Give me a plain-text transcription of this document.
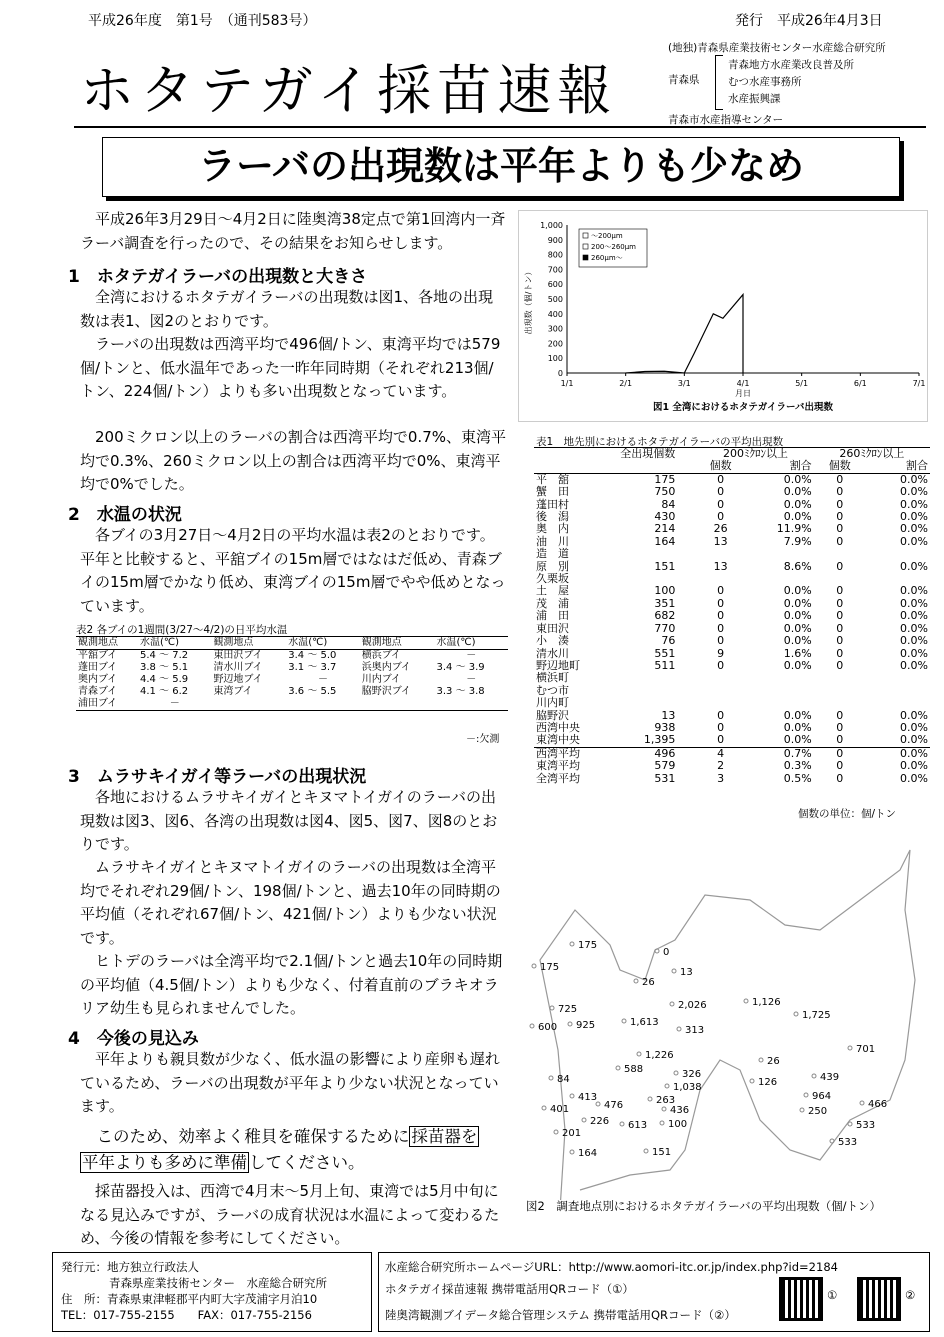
平成26年度　第1号　（通刊583号）	発行　平成26年4月3日
ホタテガイ採苗速報
(地独)青森県産業技術センター水産総合研究所
青森県
青森地方水産業改良普及所
むつ水産事務所
水産振興課
青森市水産指導センター
ラーバの出現数は平年よりも少なめ
平成26年3月29日～4月2日に陸奥湾38定点で第1回湾内一斉ラーバ調査を行ったので、その結果をお知らせします。
1　ホタテガイラーバの出現数と大きさ
全湾におけるホタテガイラーバの出現数は図1、各地の出現数は表1、図2のとおりです。
ラーバの出現数は西湾平均で496個/トン、東湾平均では579個/トンと、低水温年であった一昨年同時期（それぞれ213個/トン、224個/トン）よりも多い出現数となっています。
200ミクロン以上のラーバの割合は西湾平均で0.7%、東湾平均で0.3%、260ミクロン以上の割合は西湾平均で0%、東湾平均で0%でした。
2　水温の状況
各ブイの3月27日～4月2日の平均水温は表2のとおりです。平年と比較すると、平舘ブイの15m層ではなはだ低め、青森ブイの15m層でかなり低め、東湾ブイの15m層でやや低めとなっています。
表2 各ブイの1週間(3/27～4/2)の日平均水温
観測地点	水温(℃)	観測地点	水温(℃)	観測地点	水温(℃)
平舘ブイ	5.4 ～ 7.2	東田沢ブイ	3.4 ～ 5.0	横浜ブイ	－
蓬田ブイ	3.8 ～ 5.1	清水川ブイ	3.1 ～ 3.7	浜奥内ブイ	3.4 ～ 3.9
奥内ブイ	4.4 ～ 5.9	野辺地ブイ	－	川内ブイ	－
青森ブイ	4.1 ～ 6.2	東湾ブイ	3.6 ～ 5.5	脇野沢ブイ	3.3 ～ 3.8
浦田ブイ	－				
－:欠測
3　ムラサキイガイ等ラーバの出現状況
各地におけるムラサキイガイとキヌマトイガイのラーバの出現数は図3、図6、各湾の出現数は図4、図5、図7、図8のとおりです。
ムラサキイガイとキヌマトイガイのラーバの出現数は全湾平均でそれぞれ29個/トン、198個/トンと、過去10年の同時期の平均値（それぞれ67個/トン、421個/トン）よりも少ない状況です。
ヒトデのラーバは全湾平均で2.1個/トンと過去10年の同時期の平均値（4.5個/トン）よりも少なく、付着直前のブラキオラリア幼生も見られませんでした。
4　今後の見込み
平年よりも親貝数が少なく、低水温の影響により産卵も遅れているため、ラーバの出現数が平年より少ない状況となっています。
このため、効率よく稚貝を確保するために 採苗器を
平年よりも多めに準備 してください。
採苗器投入は、西湾で4月末～5月上旬、東湾では5月中旬になる見込みですが、ラーバの成育状況は水温によって変わるため、今後の情報を参考にしてください。
0
100
200
300
400
500
600
700
800
900
1,000
1/1	2/1	3/1	4/1	5/1	6/1	7/1
月日
出現数（個/トン）
～200μm
200～260μm
260μm～
図1 全湾におけるホタテガイラーバ出現数
表1　地先別におけるホタテガイラーバの平均出現数
	全出現個数	200ﾐｸﾛﾝ以上		260ﾐｸﾛﾝ以上	
		個数	割合	個数	割合
平　舘	175	0	0.0%	0	0.0%
蟹　田	750	0	0.0%	0	0.0%
蓬田村	84	0	0.0%	0	0.0%
後　潟	430	0	0.0%	0	0.0%
奥　内	214	26	11.9%	0	0.0%
油　川	164	13	7.9%	0	0.0%
造　道					
原　別	151	13	8.6%	0	0.0%
久栗坂					
土　屋	100	0	0.0%	0	0.0%
茂　浦	351	0	0.0%	0	0.0%
浦　田	682	0	0.0%	0	0.0%
東田沢	770	0	0.0%	0	0.0%
小　湊	76	0	0.0%	0	0.0%
清水川	551	9	1.6%	0	0.0%
野辺地町	511	0	0.0%	0	0.0%
横浜町					
むつ市					
川内町					
脇野沢	13	0	0.0%	0	0.0%
西湾中央	938	0	0.0%	0	0.0%
東湾中央	1,395	0	0.0%	0	0.0%
西湾平均	496	4	0.7%	0	0.0%
東湾平均	579	2	0.3%	0	0.0%
全湾平均	531	3	0.5%	0	0.0%
個数の単位：個/トン
175
175
0
13
26
725
600 925
2,026	1,126
1,725
1,613
313
701
1,226
588	326
1,038
26
439
126
84
413
476	263
436
964
466
250
401
226 613 100	533
201
533
164	151
図2　調査地点別におけるホタテガイラーバの平均出現数（個/トン）
発行元：地方独立行政法人
青森県産業技術センター　水産総合研究所
住　所：青森県東津軽郡平内町大字茂浦字月泊10
TEL：017-755-2155　　FAX：017-755-2156
水産総合研究所ホームページURL：http://www.aomori-itc.or.jp/index.php?id=2184
ホタテガイ採苗速報 携帯電話用QRコード（①）
陸奥湾観測ブイデータ総合管理システム 携帯電話用QRコード（②）
①	②
